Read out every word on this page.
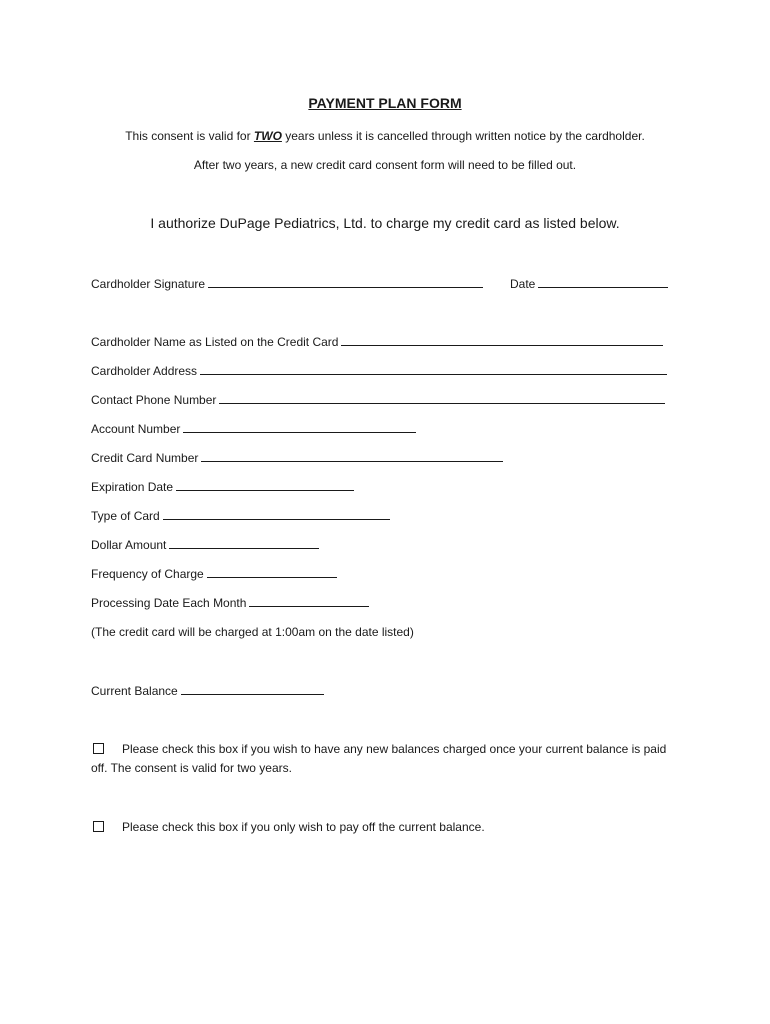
PAYMENT PLAN FORM
This consent is valid for TWO years unless it is cancelled through written notice by the cardholder.
After two years, a new credit card consent form will need to be filled out.
I authorize DuPage Pediatrics, Ltd. to charge my credit card as listed below.
Cardholder Signature	Date
Cardholder Name as Listed on the Credit Card
Cardholder Address
Contact Phone Number
Account Number
Credit Card Number
Expiration Date
Type of Card
Dollar Amount
Frequency of Charge
Processing Date Each Month
(The credit card will be charged at 1:00am on the date listed)
Current Balance
Please check this box if you wish to have any new balances charged once your current balance is paid off. The consent is valid for two years.
Please check this box if you only wish to pay off the current balance.
